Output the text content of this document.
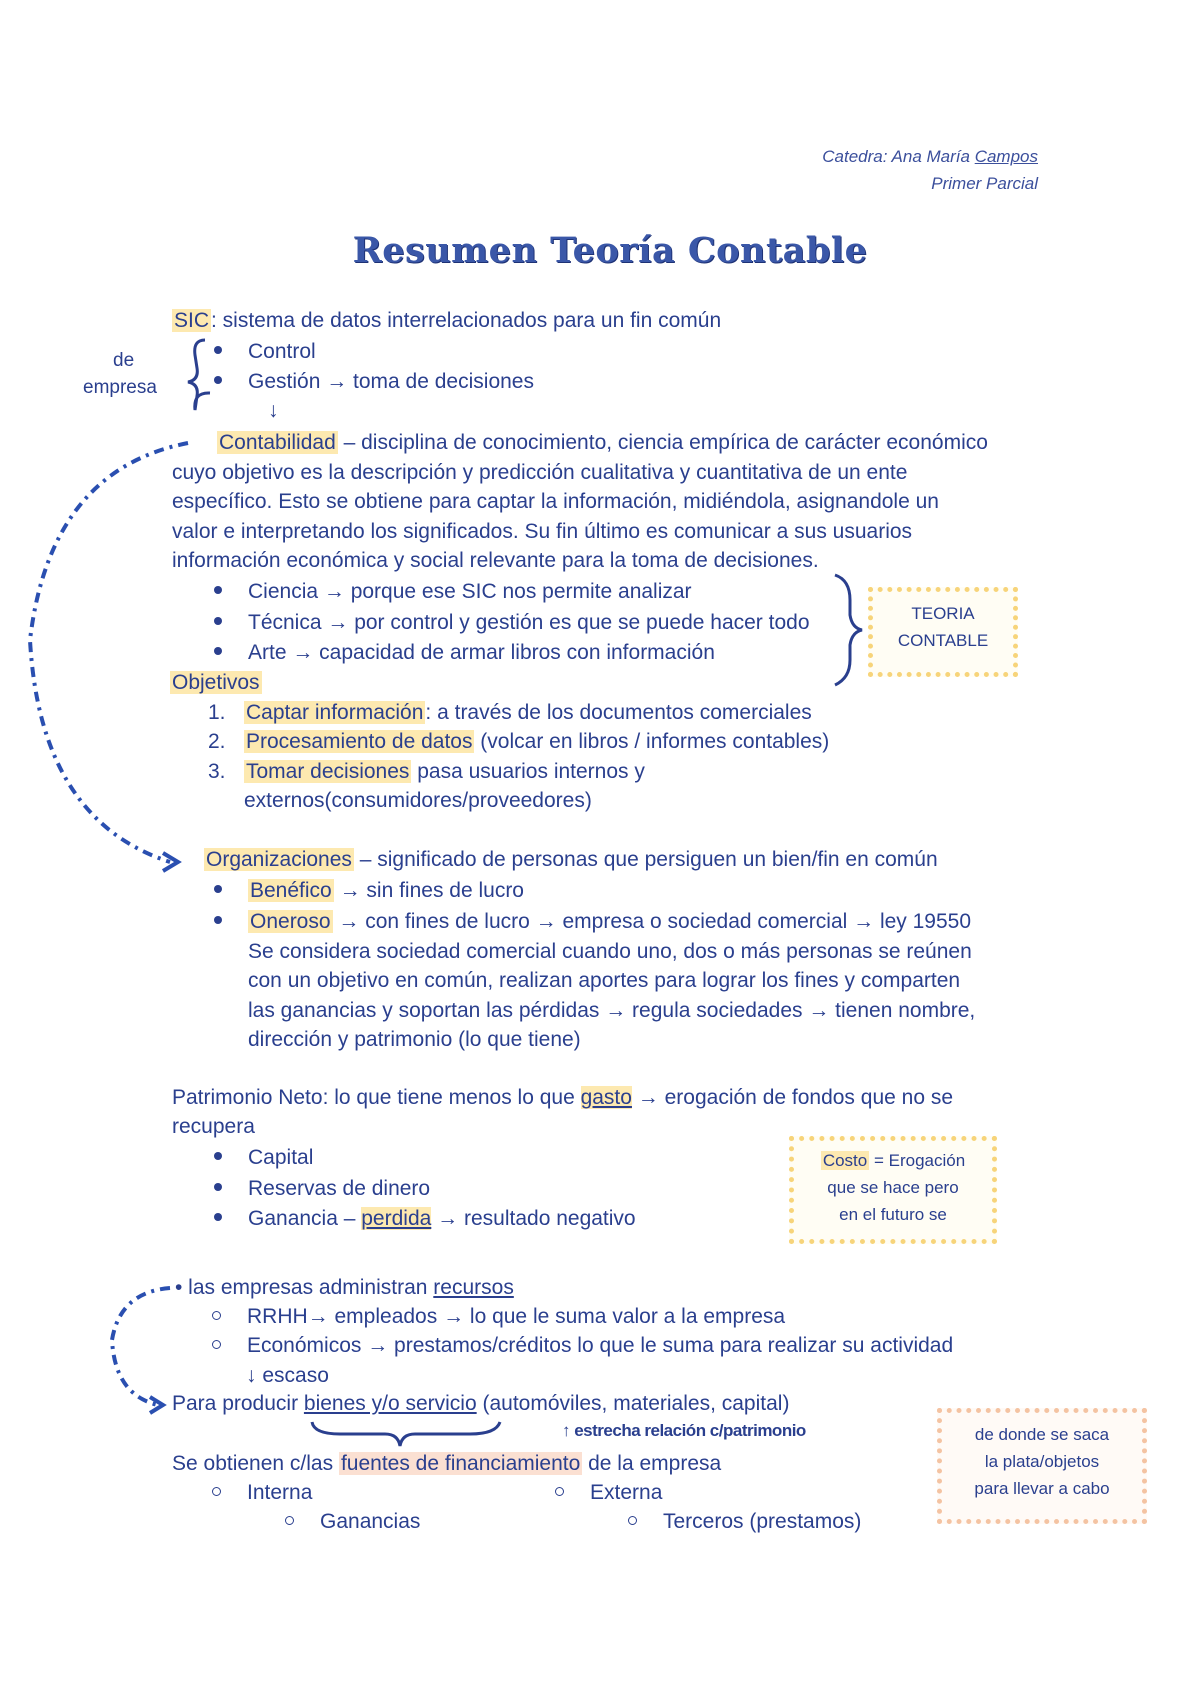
Catedra: Ana María Campos
Primer Parcial
Resumen Teoría Contable
SIC: sistema de datos interrelacionados para un fin común
de
empresa
Control
Gestión → toma de decisiones
↓
Contabilidad – disciplina de conocimiento, ciencia empírica de carácter económico
cuyo objetivo es la descripción y predicción cualitativa y cuantitativa de un ente
específico. Esto se obtiene para captar la información, midiéndola, asignandole un
valor e interpretando los significados. Su fin último es comunicar a sus usuarios
información económica y social relevante para la toma de decisiones.
Ciencia → porque ese SIC nos permite analizar
Técnica → por control y gestión es que se puede hacer todo
Arte → capacidad de armar libros con información
TEORIA
CONTABLE
Objetivos
1. Captar información: a través de los documentos comerciales
2. Procesamiento de datos (volcar en libros / informes contables)
3. Tomar decisiones pasa usuarios internos y
externos(consumidores/proveedores)
Organizaciones – significado de personas que persiguen un bien/fin en común
Benéfico → sin fines de lucro
Oneroso → con fines de lucro → empresa o sociedad comercial → ley 19550
Se considera sociedad comercial cuando uno, dos o más personas se reúnen
con un objetivo en común, realizan aportes para lograr los fines y comparten
las ganancias y soportan las pérdidas → regula sociedades → tienen nombre,
dirección y patrimonio (lo que tiene)
Patrimonio Neto: lo que tiene menos lo que gasto → erogación de fondos que no se
recupera
Capital
Reservas de dinero
Ganancia – perdida → resultado negativo
Costo = Erogación
que se hace pero
en el futuro se
• las empresas administran recursos
RRHH→ empleados → lo que le suma valor a la empresa
Económicos → prestamos/créditos lo que le suma para realizar su actividad
↓ escaso
Para producir bienes y/o servicio (automóviles, materiales, capital)
↑ estrecha relación c/patrimonio
Se obtienen c/las fuentes de financiamiento de la empresa
Interna	Externa
Ganancias	Terceros (prestamos)
de donde se saca
la plata/objetos
para llevar a cabo
